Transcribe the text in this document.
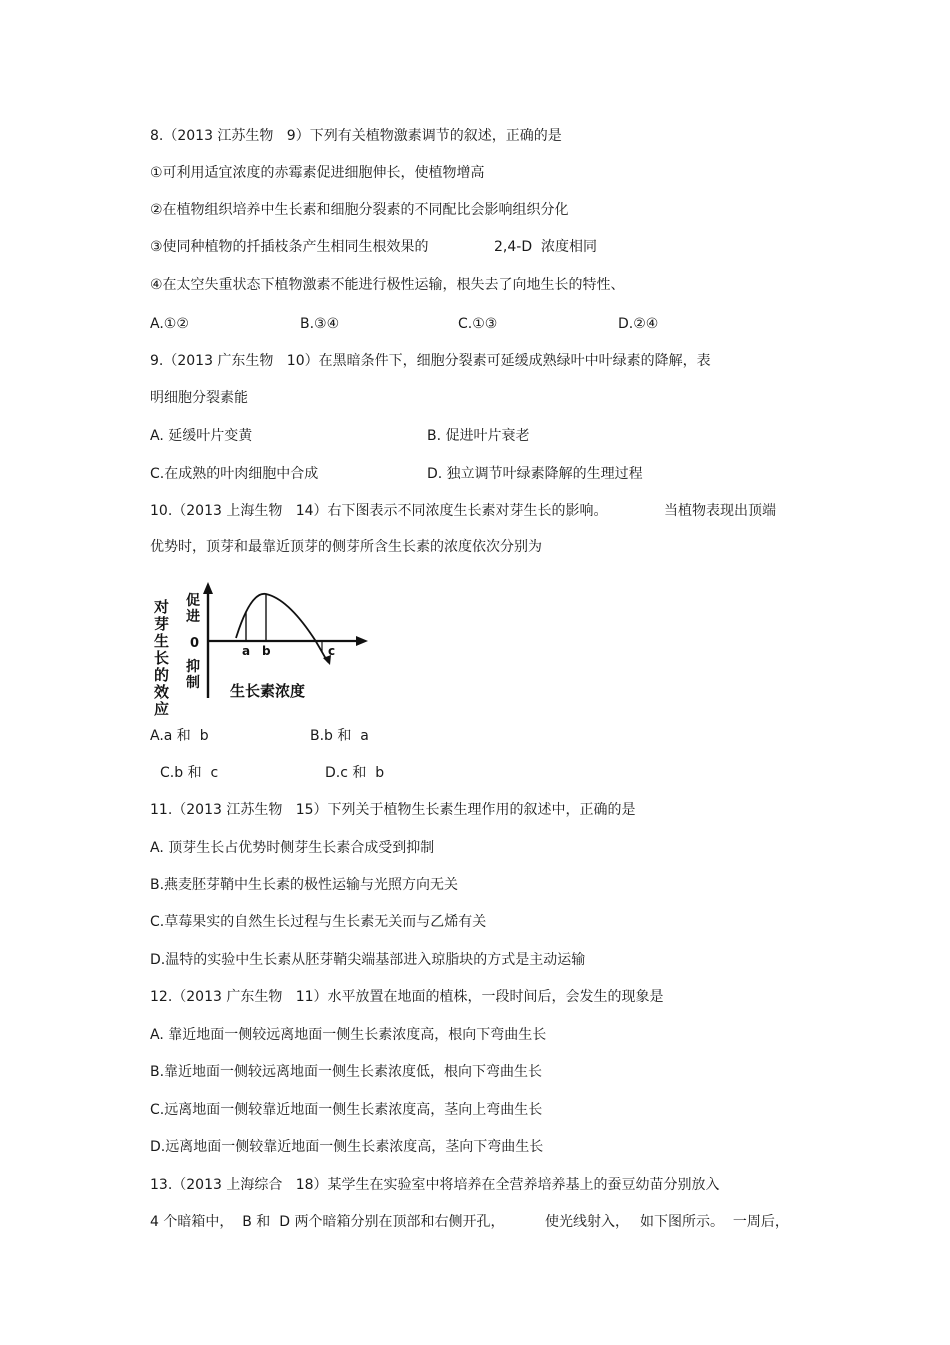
8.（2013 江苏生物   9）下列有关植物激素调节的叙述，正确的是
①可利用适宜浓度的赤霉素促进细胞伸长，使植物增高
②在植物组织培养中生长素和细胞分裂素的不同配比会影响组织分化
③使同种植物的扦插枝条产生相同生根效果的	2,4-D  浓度相同
④在太空失重状态下植物激素不能进行极性运输，根失去了向地生长的特性、
A.①②	B.③④	C.①③	D.②④
9.（2013 广东生物   10）在黑暗条件下，细胞分裂素可延缓成熟绿叶中叶绿素的降解，表
明细胞分裂素能
A. 延缓叶片变黄	B. 促进叶片衰老
C.在成熟的叶肉细胞中合成	D. 独立调节叶绿素降解的生理过程
10.（2013 上海生物   14）右下图表示不同浓度生长素对芽生长的影响。	当植物表现出顶端
优势时，顶芽和最靠近顶芽的侧芽所含生长素的浓度依次分别为
对
芽
生
长
的
效
应
促
进
0
抑
制
a b	c
生长素浓度
A.a 和  b	B.b 和  a
C.b 和  c	D.c 和  b
11.（2013 江苏生物   15）下列关于植物生长素生理作用的叙述中，正确的是
A. 顶芽生长占优势时侧芽生长素合成受到抑制
B.燕麦胚芽鞘中生长素的极性运输与光照方向无关
C.草莓果实的自然生长过程与生长素无关而与乙烯有关
D.温特的实验中生长素从胚芽鞘尖端基部进入琼脂块的方式是主动运输
12.（2013 广东生物   11）水平放置在地面的植株，一段时间后，会发生的现象是
A. 靠近地面一侧较远离地面一侧生长素浓度高，根向下弯曲生长
B.靠近地面一侧较远离地面一侧生长素浓度低，根向下弯曲生长
C.远离地面一侧较靠近地面一侧生长素浓度高，茎向上弯曲生长
D.远离地面一侧较靠近地面一侧生长素浓度高，茎向下弯曲生长
13.（2013 上海综合   18）某学生在实验室中将培养在全营养培养基上的蚕豆幼苗分别放入
4 个暗箱中，  B 和  D 两个暗箱分别在顶部和右侧开孔，	使光线射入， 如下图所示。  一周后，
